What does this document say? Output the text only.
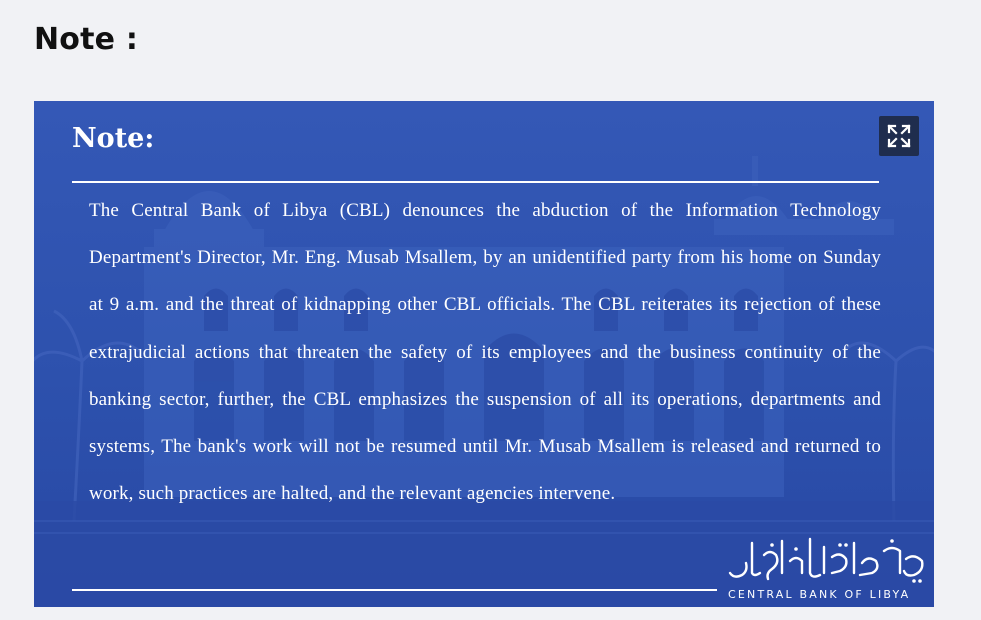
Note :
Note:
The Central Bank of Libya (CBL) denounces the abduction of the Information Technology Department's Director, Mr. Eng. Musab Msallem, by an unidentified party from his home on Sunday at 9 a.m. and the threat of kidnapping other CBL officials. The CBL reiterates its rejection of these extrajudicial actions that threaten the safety of its employees and the business continuity of the banking sector, further, the CBL emphasizes the suspension of all its operations, departments and systems, The bank's work will not be resumed until Mr. Musab Msallem is released and returned to work, such practices are halted, and the relevant agencies intervene.
CENTRAL BANK OF LIBYA
